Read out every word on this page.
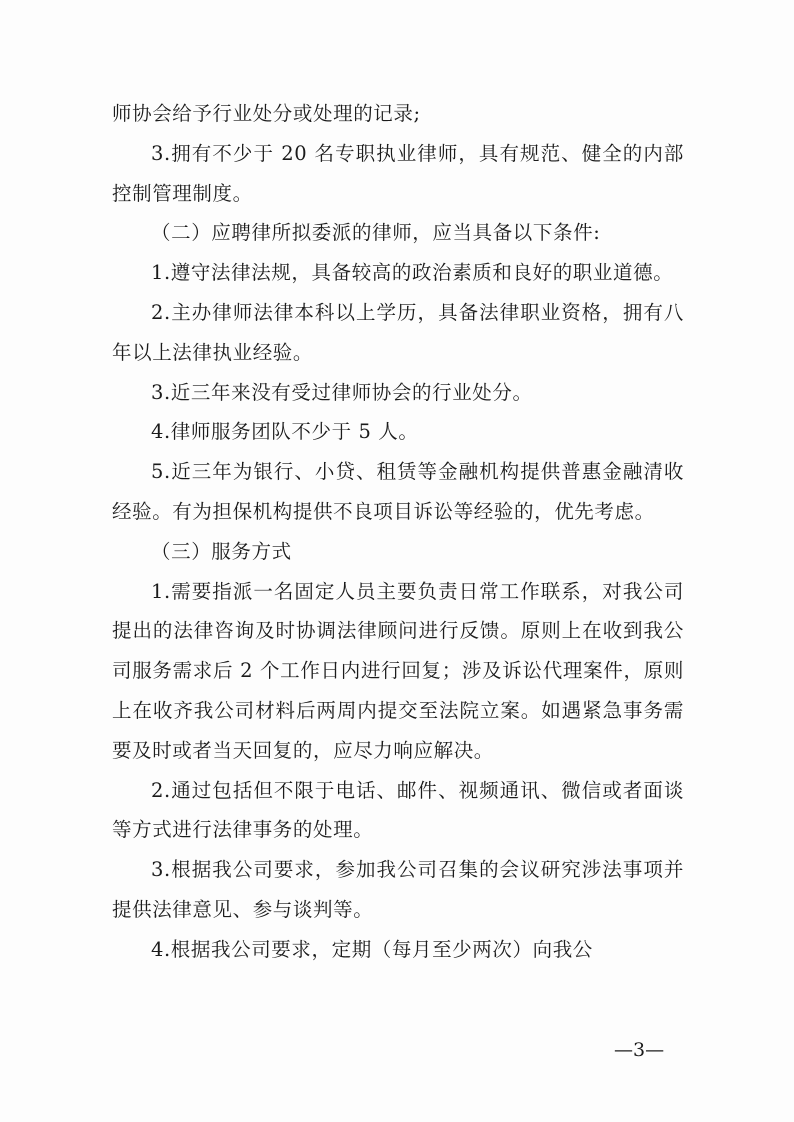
师协会给予行业处分或处理的记录;

3.拥有不少于 20 名专职执业律师，具有规范、健全的内部控制管理制度。

（二）应聘律所拟委派的律师，应当具备以下条件:

1.遵守法律法规，具备较高的政治素质和良好的职业道德。

2.主办律师法律本科以上学历，具备法律职业资格，拥有八年以上法律执业经验。

3.近三年来没有受过律师协会的行业处分。

4.律师服务团队不少于 5 人。

5.近三年为银行、小贷、租赁等金融机构提供普惠金融清收经验。有为担保机构提供不良项目诉讼等经验的，优先考虑。

（三）服务方式

1.需要指派一名固定人员主要负责日常工作联系，对我公司提出的法律咨询及时协调法律顾问进行反馈。原则上在收到我公司服务需求后 2 个工作日内进行回复；涉及诉讼代理案件，原则上在收齐我公司材料后两周内提交至法院立案。如遇紧急事务需要及时或者当天回复的，应尽力响应解决。

2.通过包括但不限于电话、邮件、视频通讯、微信或者面谈等方式进行法律事务的处理。

3.根据我公司要求，参加我公司召集的会议研究涉法事项并提供法律意见、参与谈判等。

4.根据我公司要求，定期（每月至少两次）向我公

—3—
